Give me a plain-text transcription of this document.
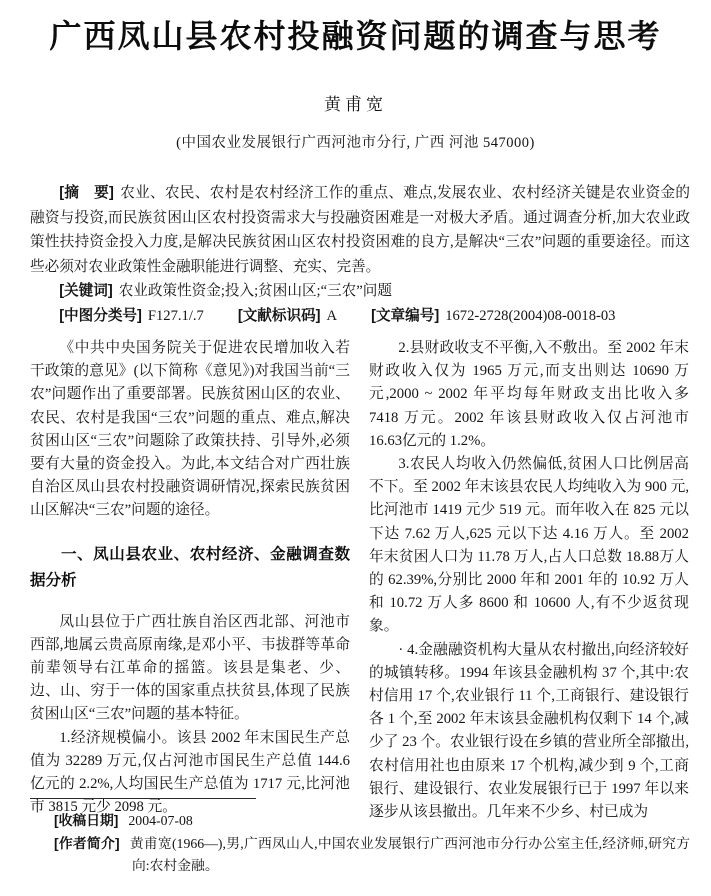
广西凤山县农村投融资问题的调查与思考
黄甫宽
(中国农业发展银行广西河池市分行, 广西 河池 547000)

[摘　要] 农业、农民、农村是农村经济工作的重点、难点,发展农业、农村经济关键是农业资金的融资与投资,而民族贫困山区农村投资需求大与投融资困难是一对极大矛盾。通过调查分析,加大农业政策性扶持资金投入力度,是解决民族贫困山区农村投资困难的良方,是解决“三农”问题的重要途径。而这些必须对农业政策性金融职能进行调整、充实、完善。

[关键词] 农业政策性资金;投入;贫困山区;“三农”问题

[中图分类号] F127.1/.7 [文献标识码] A [文章编号] 1672-2728(2004)08-0018-03

《中共中央国务院关于促进农民增加收入若干政策的意见》(以下简称《意见》)对我国当前“三农”问题作出了重要部署。民族贫困山区的农业、农民、农村是我国“三农”问题的重点、难点,解决贫困山区“三农”问题除了政策扶持、引导外,必须要有大量的资金投入。为此,本文结合对广西壮族自治区凤山县农村投融资调研情况,探索民族贫困山区解决“三农”问题的途径。

一、凤山县农业、农村经济、金融调查数据分析

凤山县位于广西壮族自治区西北部、河池市西部,地属云贵高原南缘,是邓小平、韦拔群等革命前辈领导右江革命的摇篮。该县是集老、少、边、山、穷于一体的国家重点扶贫县,体现了民族贫困山区“三农”问题的基本特征。

1.经济规模偏小。该县 2002 年末国民生产总值为 32289 万元,仅占河池市国民生产总值 144.6 亿元的 2.2%,人均国民生产总值为 1717 元,比河池市 3815 元少 2098 元。

2.县财政收支不平衡,入不敷出。至 2002 年末财政收入仅为 1965 万元,而支出则达 10690 万元,2000 ~ 2002 年平均每年财政支出比收入多 7418 万元。2002 年该县财政收入仅占河池市 16.63亿元的 1.2%。

3.农民人均收入仍然偏低,贫困人口比例居高不下。至 2002 年末该县农民人均纯收入为 900 元,比河池市 1419 元少 519 元。而年收入在 825 元以下达 7.62 万人,625 元以下达 4.16 万人。至 2002 年末贫困人口为 11.78 万人,占人口总数 18.88万人的 62.39%,分别比 2000 年和 2001 年的 10.92 万人和 10.72 万人多 8600 和 10600 人,有不少返贫现象。

· 4.金融融资机构大量从农村撤出,向经济较好的城镇转移。1994 年该县金融机构 37 个,其中:农村信用 17 个,农业银行 11 个,工商银行、建设银行各 1 个,至 2002 年末该县金融机构仅剩下 14 个,减少了 23 个。农业银行设在乡镇的营业所全部撤出,农村信用社也由原来 17 个机构,减少到 9 个,工商银行、建设银行、农业发展银行已于 1997 年以来逐步从该县撤出。几年来不少乡、村已成为

[收稿日期] 2004-07-08

[作者简介] 黄甫宽(1966—),男,广西凤山人,中国农业发展银行广西河池市分行办公室主任,经济师,研究方向:农村金融。
